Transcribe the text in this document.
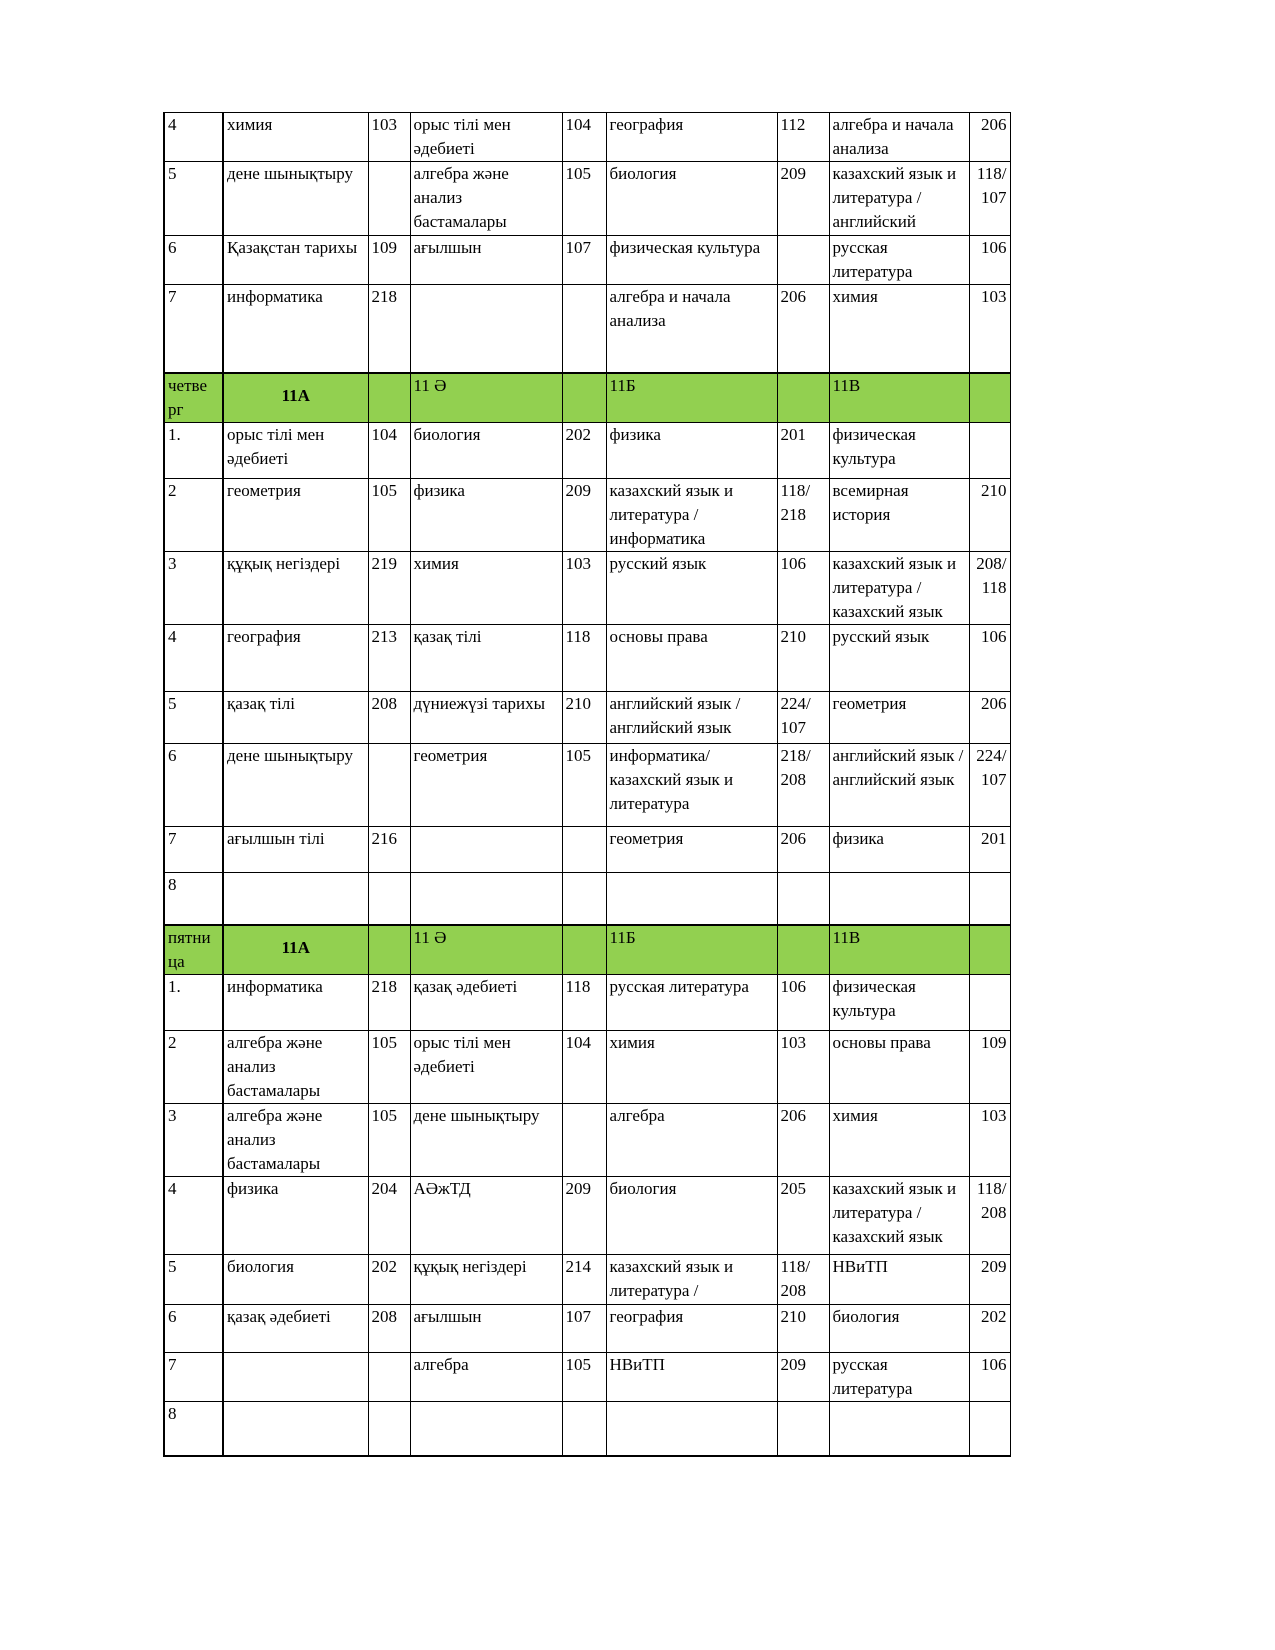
4	химия	103	орыс тілі мен әдебиеті	104	география	112	алгебра и начала анализа	206
5	дене шынықтыру		алгебра және анализ бастамалары	105	биология	209	казахский язык и литература / английский	118/ 107
6	Қазақстан тарихы	109	ағылшын	107	физическая культура		русская литература	106
7	информатика	218			алгебра и начала анализа	206	химия	103
четве рг	11А		11 Ә		11Б		11В	
1.	орыс тілі мен әдебиеті	104	биология	202	физика	201	физическая культура	
2	геометрия	105	физика	209	казахский язык и литература / информатика	118/ 218	всемирная история	210
3	құқық негіздері	219	химия	103	русский язык	106	казахский язык и литература / казахский язык	208/ 118
4	география	213	қазақ тілі	118	основы права	210	русский язык	106
5	қазақ тілі	208	дүниежүзі тарихы	210	английский язык / английский язык	224/ 107	геометрия	206
6	дене шынықтыру		геометрия	105	информатика/ казахский язык и литература	218/ 208	английский язык / английский язык	224/ 107
7	ағылшын тілі	216			геометрия	206	физика	201
8								
пятни ца	11А		11 Ә		11Б		11В	
1.	информатика	218	қазақ әдебиеті	118	русская литература	106	физическая культура	
2	алгебра және анализ бастамалары	105	орыс тілі мен әдебиеті	104	химия	103	основы права	109
3	алгебра және анализ бастамалары	105	дене шынықтыру		алгебра	206	химия	103
4	физика	204	АӘжТД	209	биология	205	казахский язык и литература / казахский язык	118/ 208
5	биология	202	құқық негіздері	214	казахский язык и литература /	118/ 208	НВиТП	209
6	қазақ әдебиеті	208	ағылшын	107	география	210	биология	202
7			алгебра	105	НВиТП	209	русская литература	106
8								
